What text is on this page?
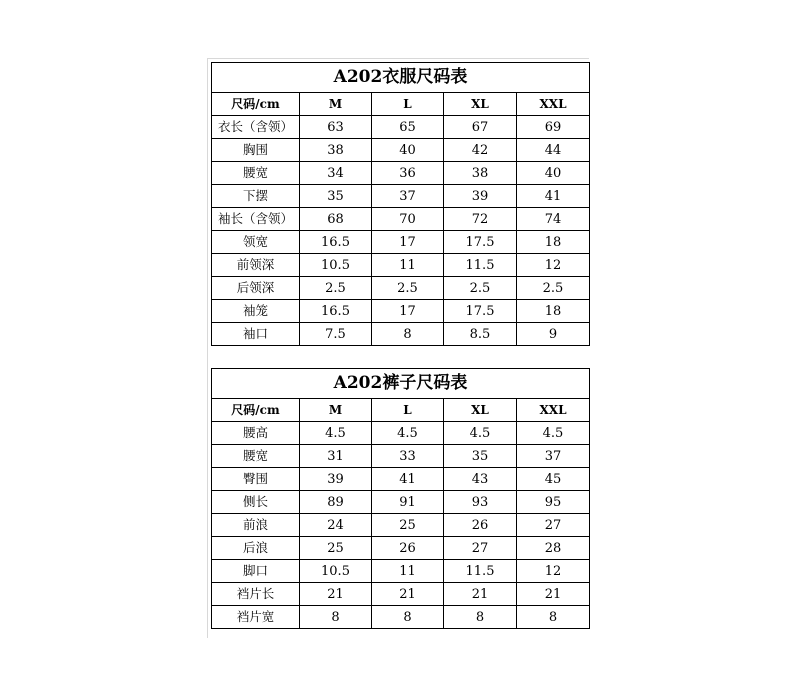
A202衣服尺码表				
尺码/cm	M	L	XL	XXL
衣长（含领）	63	65	67	69
胸围	38	40	42	44
腰宽	34	36	38	40
下摆	35	37	39	41
袖长（含领）	68	70	72	74
领宽	16.5	17	17.5	18
前领深	10.5	11	11.5	12
后领深	2.5	2.5	2.5	2.5
袖笼	16.5	17	17.5	18
袖口	7.5	8	8.5	9
A202裤子尺码表				
尺码/cm	M	L	XL	XXL
腰高	4.5	4.5	4.5	4.5
腰宽	31	33	35	37
臀围	39	41	43	45
侧长	89	91	93	95
前浪	24	25	26	27
后浪	25	26	27	28
脚口	10.5	11	11.5	12
裆片长	21	21	21	21
裆片宽	8	8	8	8
